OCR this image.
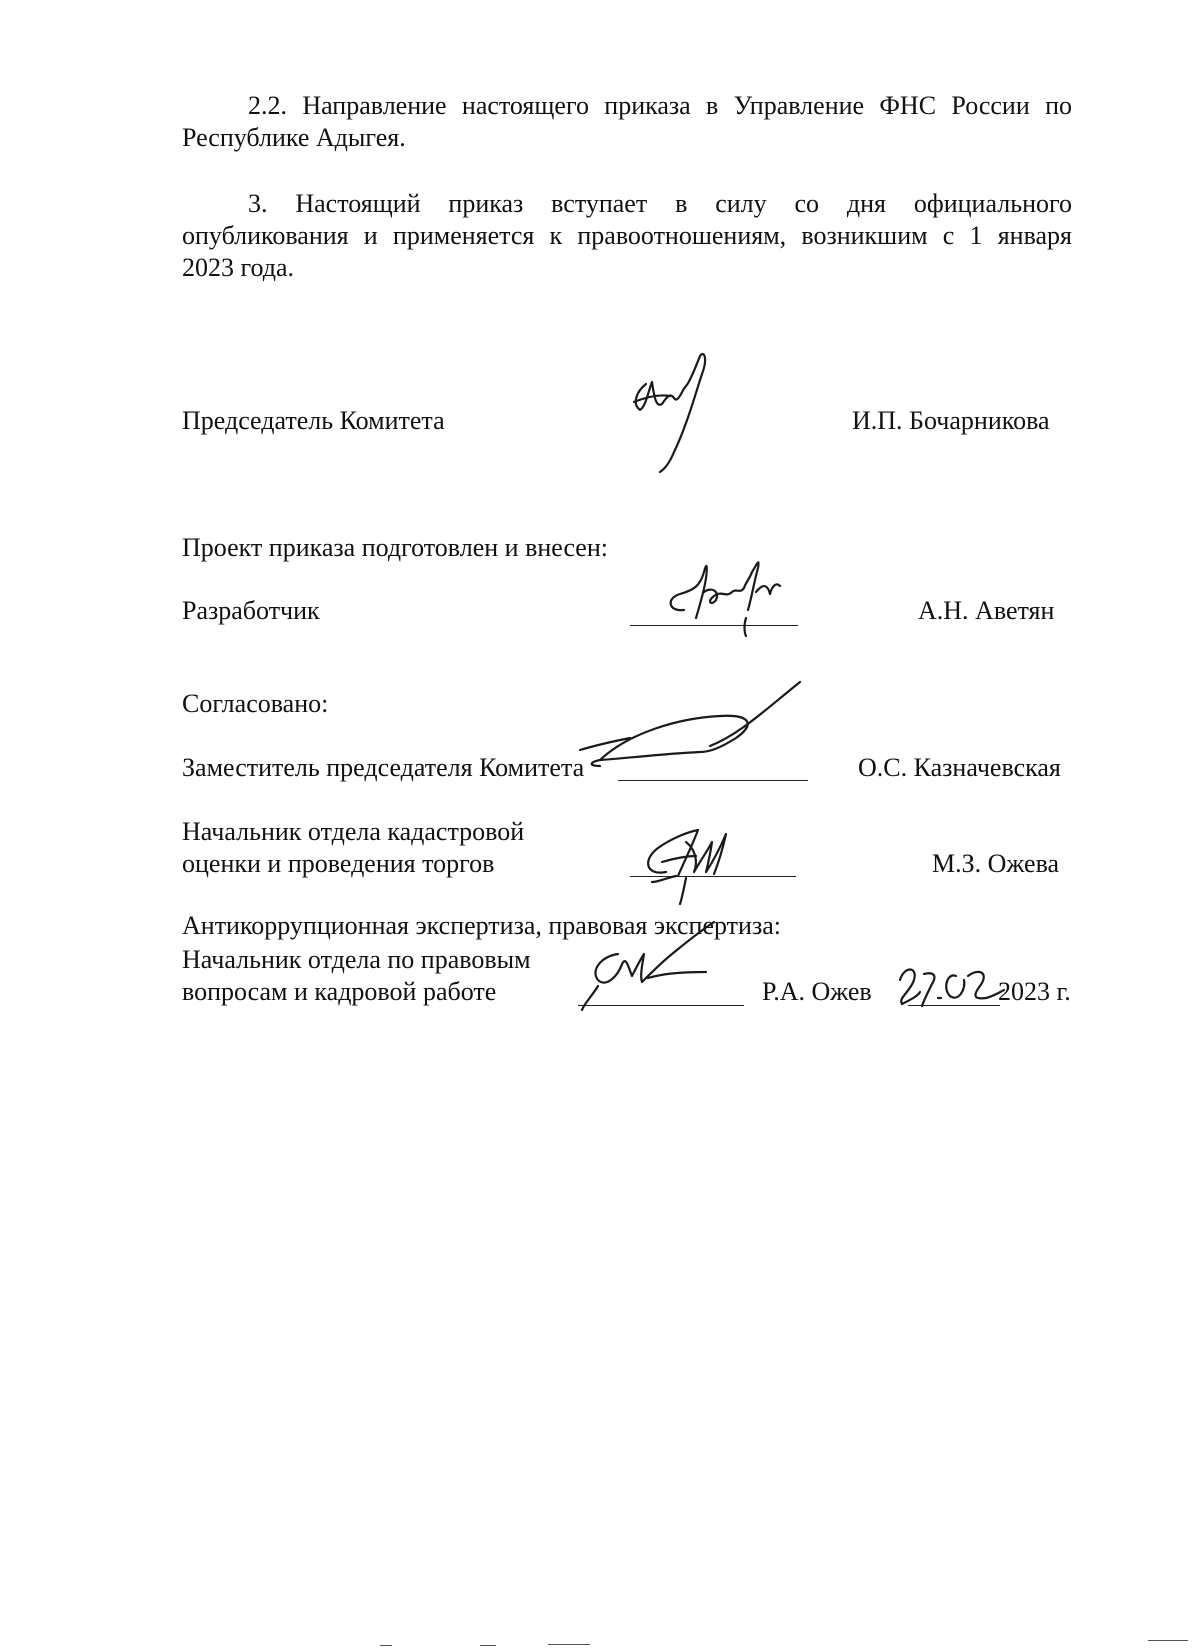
2.2. Направление настоящего приказа в Управление ФНС России по
Республике Адыгея.
3. Настоящий приказ вступает в силу со дня официального
опубликования и применяется к правоотношениям, возникшим с 1 января
2023 года.
Председатель Комитета	И.П. Бочарникова
Проект приказа подготовлен и внесен:
Разработчик	А.Н. Аветян
Согласовано:
Заместитель председателя Комитета	О.С. Казначевская
Начальник отдела кадастровой
оценки и проведения торгов	М.З. Ожева
Антикоррупционная экспертиза, правовая экспертиза:
Начальник отдела по правовым
вопросам и кадровой работе	Р.А. Ожев	2023 г.
